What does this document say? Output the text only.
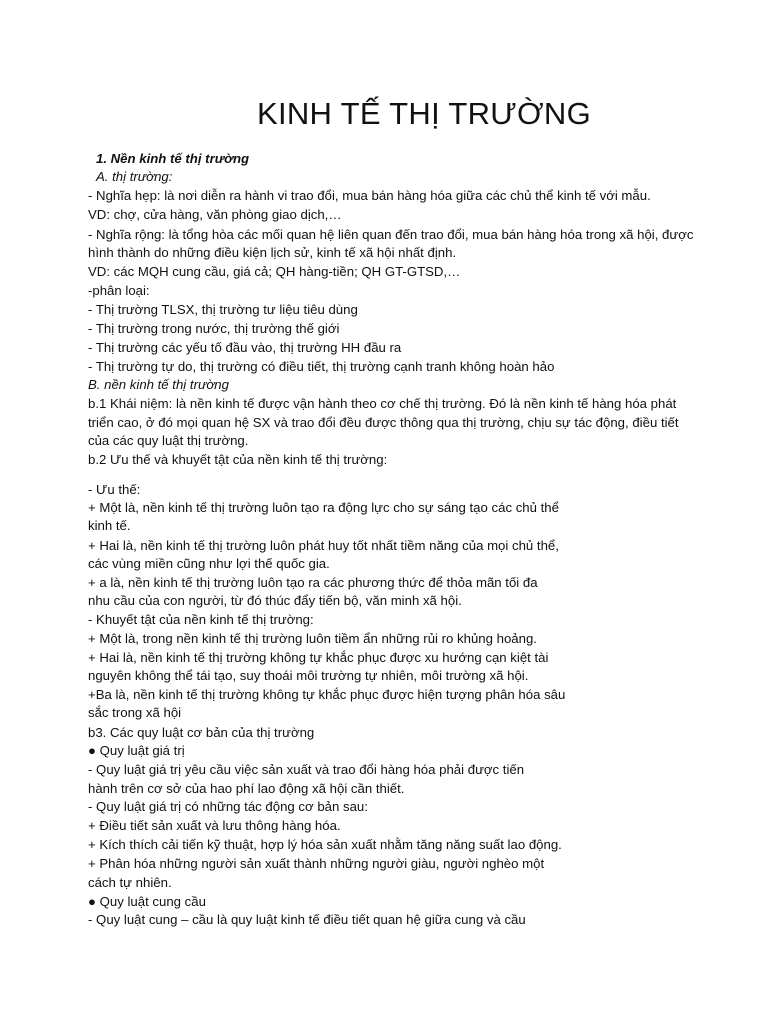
KINH TẾ THỊ TRƯỜNG
1. Nền kinh tế thị trường
A. thị trường:
- Nghĩa hẹp: là nơi diễn ra hành vi trao đổi, mua bán hàng hóa giữa các chủ thể kinh tế với mẫu.
VD: chợ, cửa hàng, văn phòng giao dịch,…
- Nghĩa rộng: là tổng hòa các mối quan hệ liên quan đến trao đổi, mua bán hàng hóa trong xã hội, được
hình thành do những điều kiện lịch sử, kinh tế xã hội nhất định.
VD: các MQH cung cầu, giá cả; QH hàng-tiền; QH GT-GTSD,…
-phân loại:
- Thị trường TLSX, thị trường tư liệu tiêu dùng
- Thị trường trong nước, thị trường thế giới
- Thị trường các yếu tố đầu vào, thị trường HH đầu ra
- Thị trường tự do, thị trường có điều tiết, thị trường cạnh tranh không hoàn hảo
B. nền kinh tế thị trường
b.1 Khái niệm: là nền kinh tế được vận hành theo cơ chế thị trường. Đó là nền kinh tế hàng hóa phát
triển cao, ở đó mọi quan hệ SX và trao đổi đều được thông qua thị trường, chịu sự tác động, điều tiết
của các quy luật thị trường.
b.2 Ưu thế và khuyết tật của nền kinh tế thị trường:
- Ưu thế:
+ Một là, nền kinh tế thị trường luôn tạo ra động lực cho sự sáng tạo các chủ thể
kinh tế.
+ Hai là, nền kinh tế thị trường luôn phát huy tốt nhất tiềm năng của mọi chủ thể,
các vùng miền cũng như lợi thế quốc gia.
+ a là, nền kinh tế thị trường luôn tạo ra các phương thức để thỏa mãn tối đa
nhu cầu của con người, từ đó thúc đẩy tiến bộ, văn minh xã hội.
- Khuyết tật của nền kinh tế thị trường:
+ Một là, trong nền kinh tế thị trường luôn tiềm ẩn những rủi ro khủng hoảng.
+ Hai là, nền kinh tế thị trường không tự khắc phục được xu hướng cạn kiệt tài
nguyên không thể tái tạo, suy thoái môi trường tự nhiên, môi trường xã hội.
+Ba là, nền kinh tế thị trường không tự khắc phục được hiện tượng phân hóa sâu
sắc trong xã hội
b3. Các quy luật cơ bản của thị trường
● Quy luật giá trị
- Quy luật giá trị yêu cầu việc sản xuất và trao đổi hàng hóa phải được tiến
hành trên cơ sở của hao phí lao động xã hội cần thiết.
- Quy luật giá trị có những tác động cơ bản sau:
+ Điều tiết sản xuất và lưu thông hàng hóa.
+ Kích thích cải tiến kỹ thuật, hợp lý hóa sản xuất nhằm tăng năng suất lao động.
+ Phân hóa những người sản xuất thành những người giàu, người nghèo một
cách tự nhiên.
● Quy luật cung cầu
- Quy luật cung – cầu là quy luật kinh tế điều tiết quan hệ giữa cung và cầu
